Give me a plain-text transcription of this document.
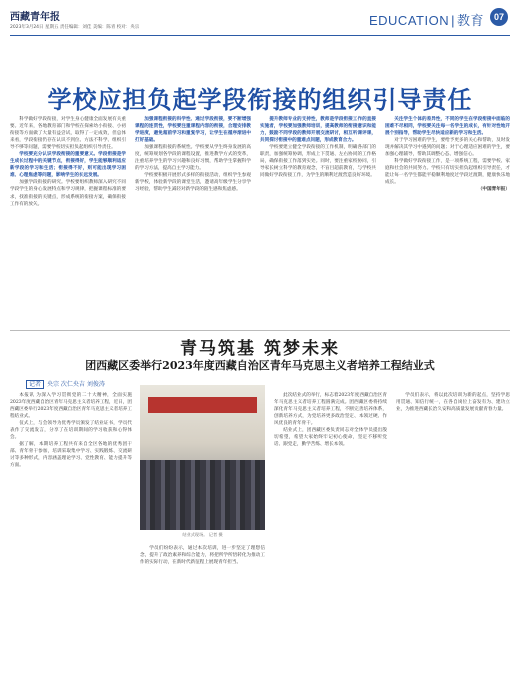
西藏青年报
2023年3月24日 星期五 责任编辑：刘佳 美编：陈青 校对：央宗	EDUCATION | 教育	07
学校应担负起学段衔接的组织引导责任

科学做好学段衔接，对学生身心健康全面发展有关重要。近年来，各地教育部门和学校在探索幼小衔接、小初衔接等方面做了大量有益尝试，取得了一定成效，但总体来看，学段衔接仍存在认识不到位、方法不科学、组织引导不够等问题，需要学校切实担负起组织引导责任。

学校要充分认识学段衔接的重要意义。学段衔接是学生成长过程中的关键节点，衔接得好，学生能够顺利适应新学段的学习和生活；衔接得不好，则可能出现学习困难、心理焦虑等问题，影响学生的长远发展。

加强学段衔接的研究。学校要组织教师深入研究不同学段学生的身心发展特点和学习规律，把握课程标准的要求，找准衔接的关键点，形成系统的衔接方案，确保衔接工作有的放矢。

加强课程衔接的科学性、通过学段衔接，要不断增强课程的连贯性，学校要注重课程内容的衔接，合理安排教学进度，避免超前学习和重复学习，让学生在循序渐进中打好基础。

加强课程衔接的系统性。学校要从学生终身发展的高度，统筹规划各学段的课程设置，推进教学方式的变革，注重培养学生的学习兴趣和良好习惯，帮助学生掌握科学的学习方法，提高自主学习能力。

学校要积极开展形式多样的衔接活动，组织学生参观新学校，体验新学段的课堂生活，邀请高年级学生分享学习经验，帮助学生减轻对新学段的陌生感和焦虑感。

提升教师专业的支持性，教师是学段衔接工作的直接实施者，学校要加强教师培训，提高教师的衔接意识和能力，鼓励不同学段的教师开展交流研讨，相互听课评课，共同探讨衔接中的重难点问题，形成教育合力。

学校要建立健全学段衔接的工作机制，明确各部门的职责，加强统筹协调，形成上下贯通、左右协同的工作格局，确保衔接工作落到实处。同时，要注重家校协同，引导家长树立科学的教育观念，不盲目超前教育，与学校共同做好学段衔接工作，为学生的顺利过渡营造良好环境。

关注学生个体的差异性，不同的学生在学段衔接中面临的困难不尽相同，学校要关注每一名学生的成长，有针对性地开展个别指导，帮助学生尽快适应新的学习和生活。

对于学习困难的学生，要给予更多的关心和帮助，及时发现并解决其学习中遇到的问题；对于心理适应困难的学生，要加强心理辅导，帮助其调整心态、增强信心。

科学做好学段衔接工作，是一项系统工程，需要学校、家庭和社会的共同努力。学校只有切实担负起组织引导责任，才能让每一名学生都能平稳顺利地度过学段过渡期，健康快乐地成长。

（中国青年报）

青马筑基 筑梦未来
团西藏区委举行2023年度西藏自治区青年马克思主义者培养工程结业式
记者 央宗 次仁央吉 刘俊涛

本报讯 为深入学习贯彻党的二十大精神，全面实施2023年度西藏自治区青年马克思主义者培养工程，近日，团西藏区委举行2023年度西藏自治区青年马克思主义者培养工程结业式。

仪式上，与会领导为优秀学员颁发了结业证书，学员代表作了交流发言，分享了在培训期间的学习收获和心得体会。

据了解，本期培养工程共有来自全区各地的优秀团干部、青年骨干参加，培训采取集中学习、实践锻炼、交流研讨等多种形式，内容涵盖理论学习、党性教育、能力提升等方面。

结业式现场。 记者 摄

学员们纷纷表示，通过本次培训，进一步坚定了理想信念，提升了政治素养和综合能力，将把所学所悟转化为推动工作的实际行动，在新时代新征程上展现青年担当。

此次结业式的举行，标志着2023年度西藏自治区青年马克思主义者培养工程圆满完成。团西藏区委将持续深化青年马克思主义者培养工程，不断完善培养体系，创新培养方式，为党培养更多政治坚定、本领过硬、作风优良的青年骨干。

结业式上，团西藏区委负责同志对全体学员提出殷切希望，希望大家始终牢记初心使命，坚定不移听党话、跟党走，勤学苦练、增长本领。

学员们表示，将以此次培训为新的起点，坚持学思用贯通、知信行统一，在各自岗位上奋发有为、建功立业，为推进西藏长治久安和高质量发展贡献青春力量。
